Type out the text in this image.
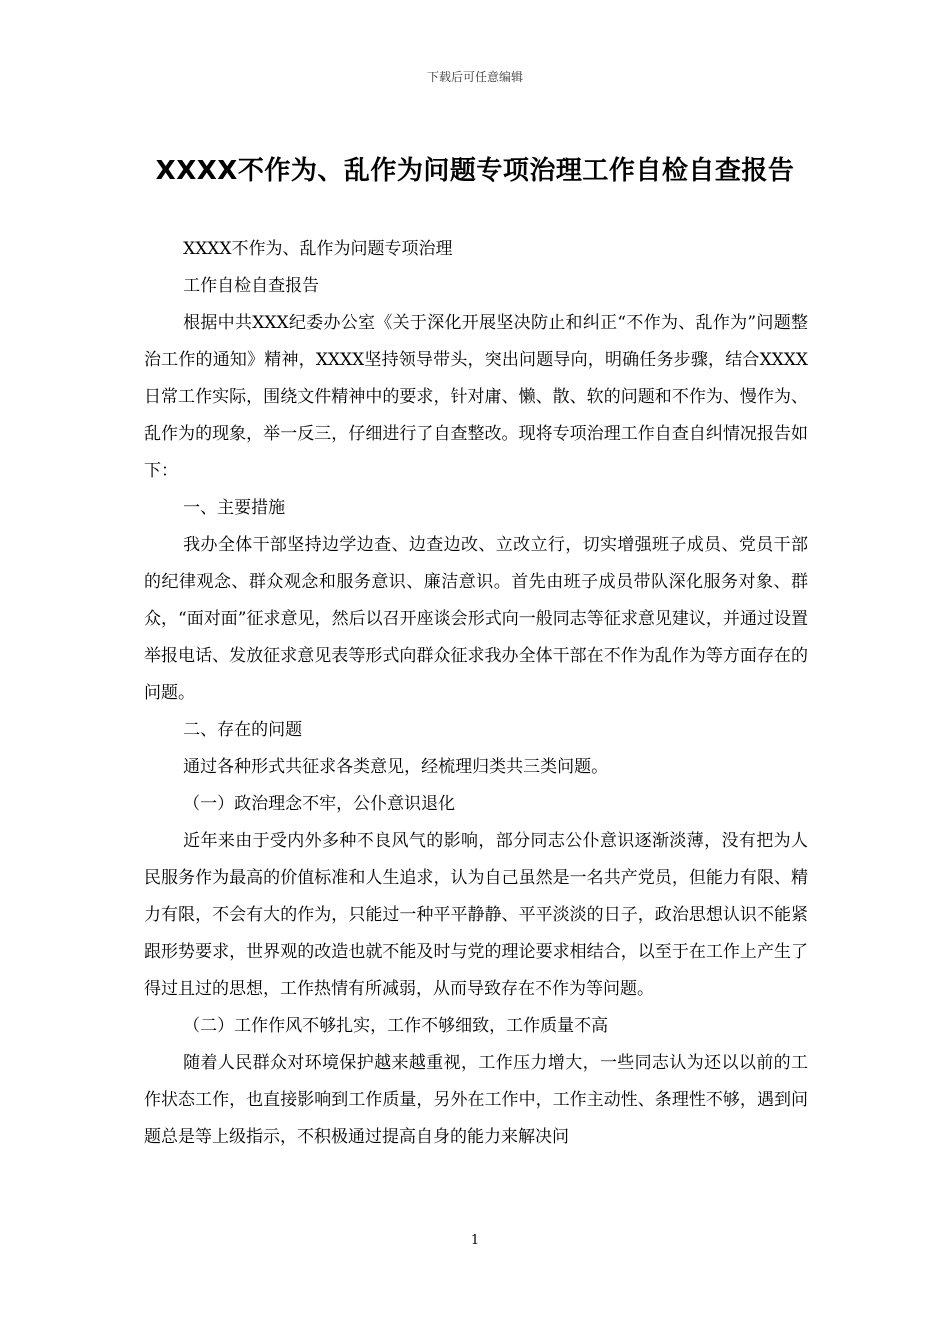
下载后可任意编辑
XXXX不作为、乱作为问题专项治理工作自检自查报告

XXXX不作为、乱作为问题专项治理

工作自检自查报告

根据中共XXX纪委办公室《关于深化开展坚决防止和纠正“不作为、乱作为”问题整治工作的通知》精神，XXXX坚持领导带头，突出问题导向，明确任务步骤，结合XXXX日常工作实际，围绕文件精神中的要求，针对庸、懒、散、软的问题和不作为、慢作为、乱作为的现象，举一反三，仔细进行了自查整改。现将专项治理工作自查自纠情况报告如下：

一、主要措施

我办全体干部坚持边学边查、边查边改、立改立行，切实增强班子成员、党员干部的纪律观念、群众观念和服务意识、廉洁意识。首先由班子成员带队深化服务对象、群众，“面对面”征求意见，然后以召开座谈会形式向一般同志等征求意见建议，并通过设置举报电话、发放征求意见表等形式向群众征求我办全体干部在不作为乱作为等方面存在的问题。

二、存在的问题

通过各种形式共征求各类意见，经梳理归类共三类问题。

（一）政治理念不牢，公仆意识退化

近年来由于受内外多种不良风气的影响，部分同志公仆意识逐渐淡薄，没有把为人民服务作为最高的价值标准和人生追求，认为自己虽然是一名共产党员，但能力有限、精力有限，不会有大的作为，只能过一种平平静静、平平淡淡的日子，政治思想认识不能紧跟形势要求，世界观的改造也就不能及时与党的理论要求相结合，以至于在工作上产生了得过且过的思想，工作热情有所减弱，从而导致存在不作为等问题。

（二）工作作风不够扎实，工作不够细致，工作质量不高

随着人民群众对环境保护越来越重视，工作压力增大，一些同志认为还以以前的工作状态工作，也直接影响到工作质量，另外在工作中，工作主动性、条理性不够，遇到问题总是等上级指示，不积极通过提高自身的能力来解决问

1
